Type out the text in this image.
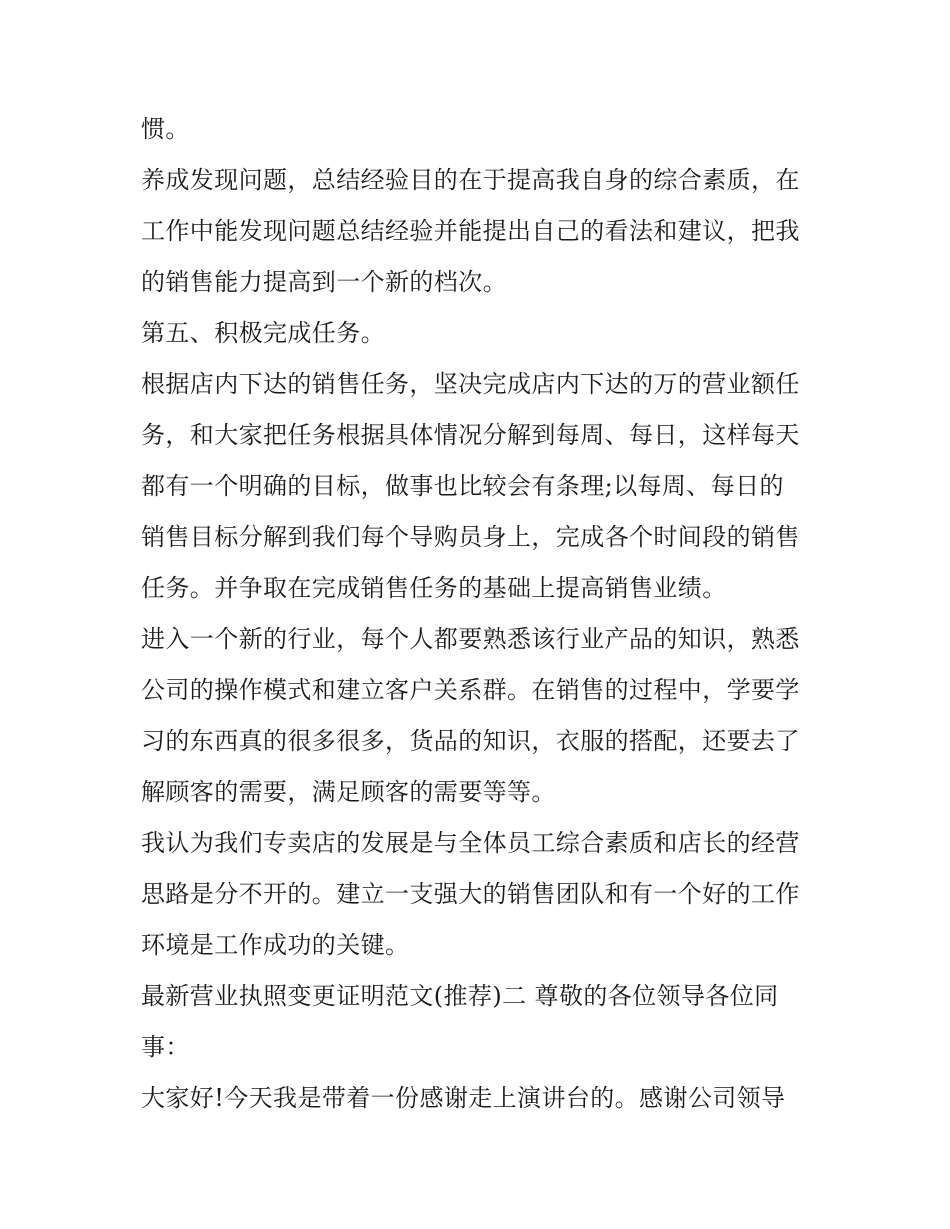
惯。
养成发现问题，总结经验目的在于提高我自身的综合素质，在
工作中能发现问题总结经验并能提出自己的看法和建议，把我
的销售能力提高到一个新的档次。
第五、积极完成任务。
根据店内下达的销售任务，坚决完成店内下达的万的营业额任
务，和大家把任务根据具体情况分解到每周、每日，这样每天
都有一个明确的目标，做事也比较会有条理;以每周、每日的
销售目标分解到我们每个导购员身上，完成各个时间段的销售
任务。并争取在完成销售任务的基础上提高销售业绩。
进入一个新的行业，每个人都要熟悉该行业产品的知识，熟悉
公司的操作模式和建立客户关系群。在销售的过程中，学要学
习的东西真的很多很多，货品的知识，衣服的搭配，还要去了
解顾客的需要，满足顾客的需要等等。
我认为我们专卖店的发展是与全体员工综合素质和店长的经营
思路是分不开的。建立一支强大的销售团队和有一个好的工作
环境是工作成功的关键。
最新营业执照变更证明范文(推荐)二 尊敬的各位领导各位同
事：
大家好!今天我是带着一份感谢走上演讲台的。感谢公司领导
